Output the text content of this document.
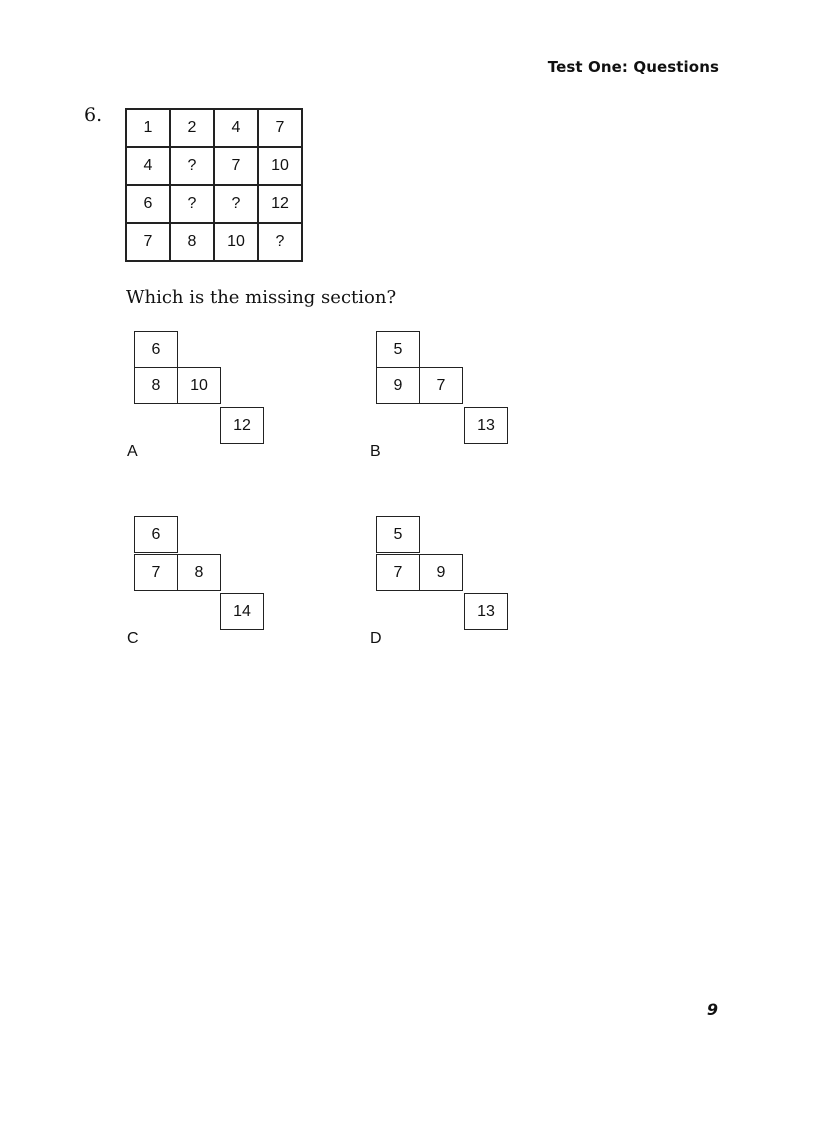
Test One: Questions
6.
1	2	4	7
4	?	7	10
6	?	?	12
7	8	10	?
Which is the missing section?
6
8	10
12
A
5
9	7
13
B
6
7	8
14
C
5
7	9
13
D
9
